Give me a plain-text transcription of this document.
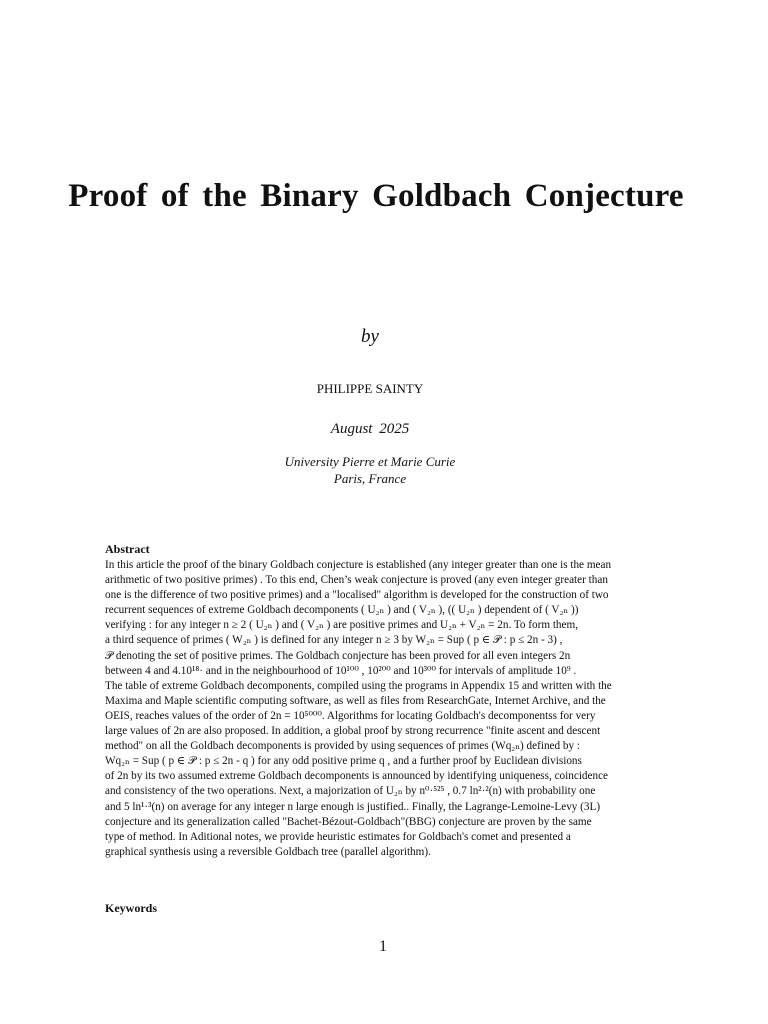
Proof of the Binary Goldbach Conjecture
by
PHILIPPE SAINTY
August 2025
University Pierre et Marie Curie
Paris, France
Abstract
In this article the proof of the binary Goldbach conjecture is established (any integer greater than one is the mean
arithmetic of two positive primes) . To this end, Chen’s weak conjecture is proved (any even integer greater than
one is the difference of two positive primes) and a "localised" algorithm is developed for the construction of two
recurrent sequences of extreme Goldbach decomponents ( U₂ₙ ) and ( V₂ₙ ), (( U₂ₙ ) dependent of ( V₂ₙ ))
verifying : for any integer n ≥ 2 ( U₂ₙ ) and ( V₂ₙ ) are positive primes and U₂ₙ + V₂ₙ = 2n. To form them,
a third sequence of primes ( W₂ₙ ) is defined for any integer n ≥ 3 by W₂ₙ = Sup ( p ∈ 𝒫 : p ≤ 2n - 3) ,
𝒫 denoting the set of positive primes. The Goldbach conjecture has been proved for all even integers 2n
between 4 and 4.10¹⁸· and in the neighbourhood of 10¹⁰⁰ , 10²⁰⁰ and 10³⁰⁰ for intervals of amplitude 10⁹ .
The table of extreme Goldbach decomponents, compiled using the programs in Appendix 15 and written with the
Maxima and Maple scientific computing software, as well as files from ResearchGate, Internet Archive, and the
OEIS, reaches values of the order of 2n = 10⁵⁰⁰⁰. Algorithms for locating Goldbach's decomponentss for very
large values of 2n are also proposed. In addition, a global proof by strong recurrence "finite ascent and descent
method" on all the Goldbach decomponents is provided by using sequences of primes (Wq₂ₙ) defined by :
Wq₂ₙ = Sup ( p ∈ 𝒫 : p ≤ 2n - q ) for any odd positive prime q , and a further proof by Euclidean divisions
of 2n by its two assumed extreme Goldbach decomponents is announced by identifying uniqueness, coincidence
and consistency of the two operations. Next, a majorization of U₂ₙ by n⁰·⁵²⁵ , 0.7 ln²·²(n) with probability one
and 5 ln¹·³(n) on average for any integer n large enough is justified.. Finally, the Lagrange-Lemoine-Levy (3L)
conjecture and its generalization called "Bachet-Bézout-Goldbach"(BBG) conjecture are proven by the same
type of method. In Aditional notes, we provide heuristic estimates for Goldbach's comet and presented a
graphical synthesis using a reversible Goldbach tree (parallel algorithm).
Keywords
1
